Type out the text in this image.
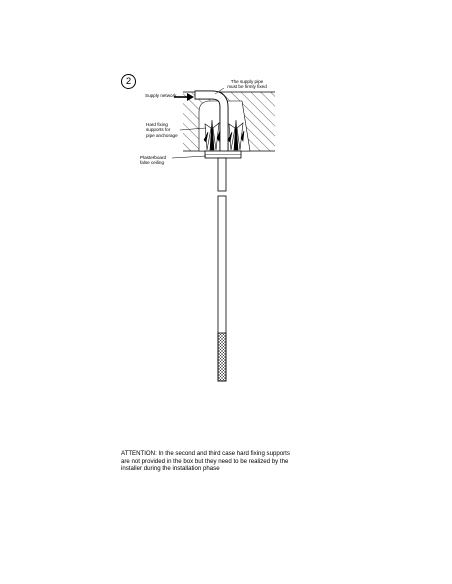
2
Supply network
The supply pipe
must be firmly fixed
Hard fixing
supports for
pipe anchorage
Plasterboard
false ceiling
ATTENTION: In the second and third case hard fixing supports
are not provided in the box but they need to be realized by the
installer during the installation phase
